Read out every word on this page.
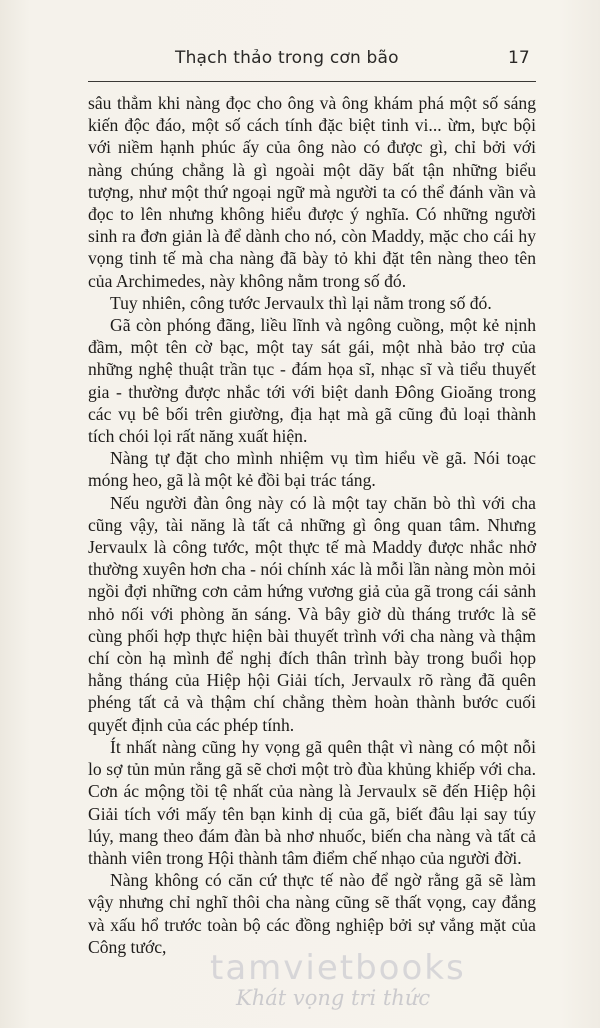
Thạch thảo trong cơn bão	17

sâu thẳm khi nàng đọc cho ông và ông khám phá một số sáng kiến độc đáo, một số cách tính đặc biệt tinh vi... ừm, bực bội với niềm hạnh phúc ấy của ông nào có được gì, chỉ bởi với nàng chúng chẳng là gì ngoài một dãy bất tận những biểu tượng, như một thứ ngoại ngữ mà người ta có thể đánh vần và đọc to lên nhưng không hiểu được ý nghĩa. Có những người sinh ra đơn giản là để dành cho nó, còn Maddy, mặc cho cái hy vọng tinh tế mà cha nàng đã bày tỏ khi đặt tên nàng theo tên của Archimedes, này không nằm trong số đó.

Tuy nhiên, công tước Jervaulx thì lại nằm trong số đó.

Gã còn phóng đãng, liều lĩnh và ngông cuồng, một kẻ nịnh đầm, một tên cờ bạc, một tay sát gái, một nhà bảo trợ của những nghệ thuật trần tục - đám họa sĩ, nhạc sĩ và tiểu thuyết gia - thường được nhắc tới với biệt danh Đông Gioăng trong các vụ bê bối trên giường, địa hạt mà gã cũng đủ loại thành tích chói lọi rất năng xuất hiện.

Nàng tự đặt cho mình nhiệm vụ tìm hiểu về gã. Nói toạc móng heo, gã là một kẻ đồi bại trác táng.

Nếu người đàn ông này có là một tay chăn bò thì với cha cũng vậy, tài năng là tất cả những gì ông quan tâm. Nhưng Jervaulx là công tước, một thực tế mà Maddy được nhắc nhở thường xuyên hơn cha - nói chính xác là mỗi lần nàng mòn mỏi ngồi đợi những cơn cảm hứng vương giả của gã trong cái sảnh nhỏ nối với phòng ăn sáng. Và bây giờ dù tháng trước là sẽ cùng phối hợp thực hiện bài thuyết trình với cha nàng và thậm chí còn hạ mình để nghị đích thân trình bày trong buổi họp hằng tháng của Hiệp hội Giải tích, Jervaulx rõ ràng đã quên phéng tất cả và thậm chí chẳng thèm hoàn thành bước cuối quyết định của các phép tính.

Ít nhất nàng cũng hy vọng gã quên thật vì nàng có một nỗi lo sợ tủn mủn rằng gã sẽ chơi một trò đùa khủng khiếp với cha. Cơn ác mộng tồi tệ nhất của nàng là Jervaulx sẽ đến Hiệp hội Giải tích với mấy tên bạn kinh dị của gã, biết đâu lại say túy lúy, mang theo đám đàn bà nhơ nhuốc, biến cha nàng và tất cả thành viên trong Hội thành tâm điểm chế nhạo của người đời.

Nàng không có căn cứ thực tế nào để ngờ rằng gã sẽ làm vậy nhưng chỉ nghĩ thôi cha nàng cũng sẽ thất vọng, cay đắng và xấu hổ trước toàn bộ các đồng nghiệp bởi sự vắng mặt của Công tước,

tamvietbooks
Khát vọng tri thức
